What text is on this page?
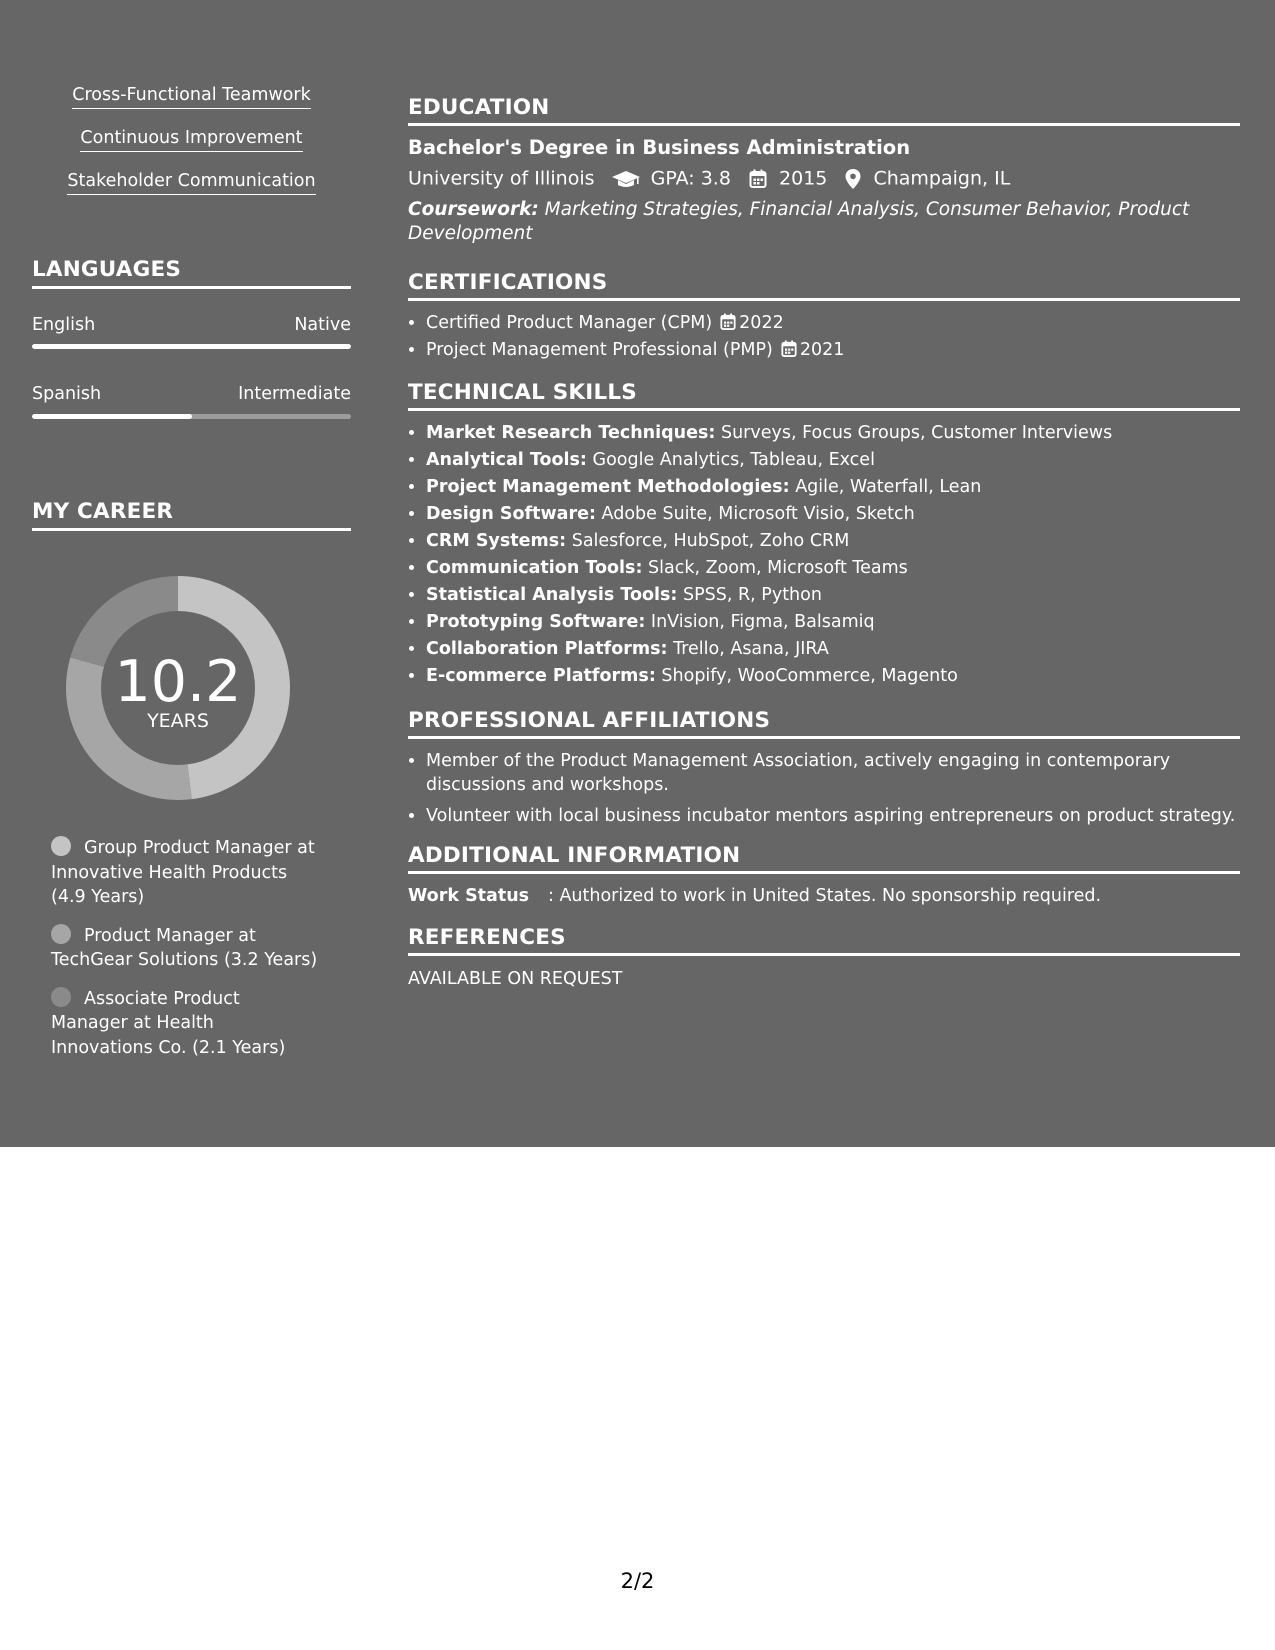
Cross-Functional Teamwork
Continuous Improvement
Stakeholder Communication
LANGUAGES
English	Native
Spanish	Intermediate
MY CAREER
10.2
YEARS
Group Product Manager at Innovative Health Products (4.9 Years)
Product Manager at TechGear Solutions (3.2 Years)
Associate Product Manager at Health Innovations Co. (2.1 Years)
EDUCATION
Bachelor's Degree in Business Administration
University of Illinois	GPA: 3.8	2015 Champaign, IL
Coursework: Marketing Strategies, Financial Analysis, Consumer Behavior, Product Development
CERTIFICATIONS
• Certified Product Manager (CPM) 2022
• Project Management Professional (PMP) 2021
TECHNICAL SKILLS
• Market Research Techniques: Surveys, Focus Groups, Customer Interviews
• Analytical Tools: Google Analytics, Tableau, Excel
• Project Management Methodologies: Agile, Waterfall, Lean
• Design Software: Adobe Suite, Microsoft Visio, Sketch
• CRM Systems: Salesforce, HubSpot, Zoho CRM
• Communication Tools: Slack, Zoom, Microsoft Teams
• Statistical Analysis Tools: SPSS, R, Python
• Prototyping Software: InVision, Figma, Balsamiq
• Collaboration Platforms: Trello, Asana, JIRA
• E-commerce Platforms: Shopify, WooCommerce, Magento
PROFESSIONAL AFFILIATIONS
• Member of the Product Management Association, actively engaging in contemporary discussions and workshops.
• Volunteer with local business incubator mentors aspiring entrepreneurs on product strategy.
ADDITIONAL INFORMATION
Work Status : Authorized to work in United States. No sponsorship required.
REFERENCES
AVAILABLE ON REQUEST
2/2
